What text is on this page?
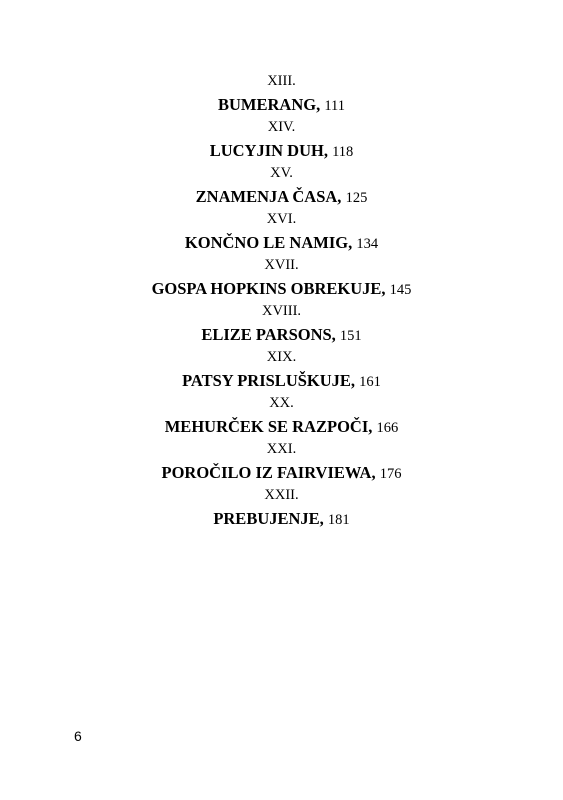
XIII.
BUMERANG, 111
XIV.
LUCYJIN DUH, 118
XV.
ZNAMENJA ČASA, 125
XVI.
KONČNO LE NAMIG, 134
XVII.
GOSPA HOPKINS OBREKUJE, 145
XVIII.
ELIZE PARSONS, 151
XIX.
PATSY PRISLUŠKUJE, 161
XX.
MEHURČEK SE RAZPOČI, 166
XXI.
POROČILO IZ FAIRVIEWA, 176
XXII.
PREBUJENJE, 181
6
